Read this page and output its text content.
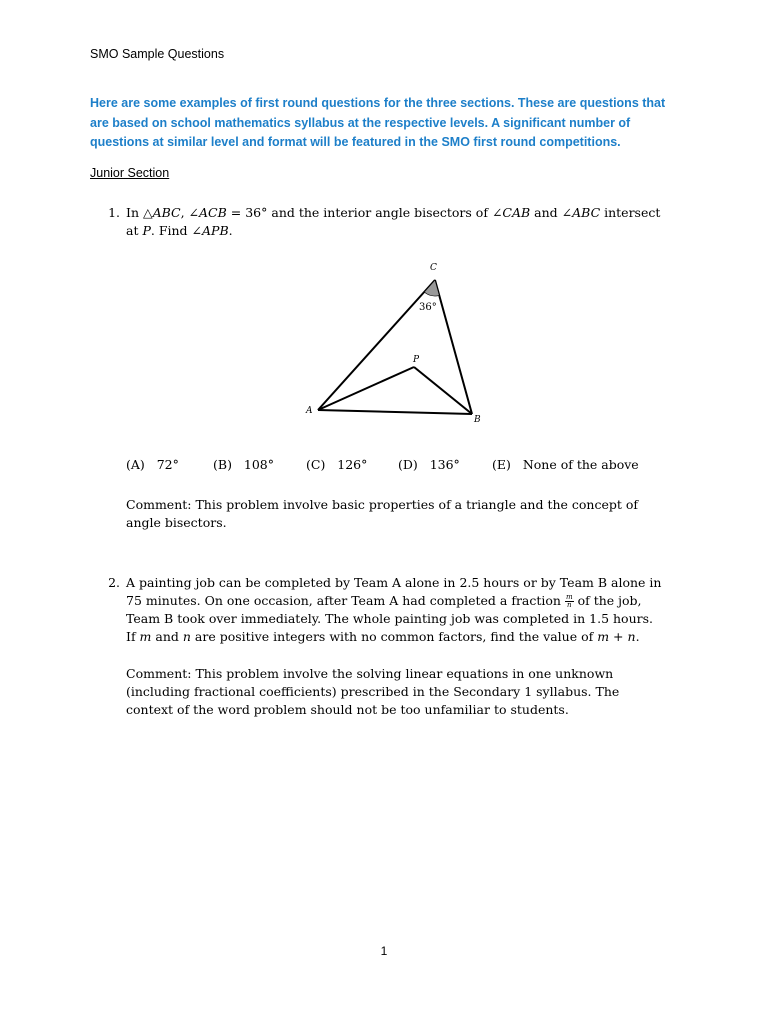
SMO Sample Questions
Here are some examples of first round questions for the three sections. These are questions that are based on school mathematics syllabus at the respective levels. A significant number of questions at similar level and format will be featured in the SMO first round competitions.
Junior Section
1. In △ABC, ∠ACB = 36° and the interior angle bisectors of ∠CAB and ∠ABC intersect at P. Find ∠APB.
C
A
B
P
36°
(A) 72°	(B) 108°	(C) 126° (D) 136°	(E) None of the above
Comment: This problem involve basic properties of a triangle and the concept of angle bisectors.
2. A painting job can be completed by Team A alone in 2.5 hours or by Team B alone in 75 minutes. On one occasion, after Team A had completed a fraction $\frac{m}{n}$ of the job, Team B took over immediately. The whole painting job was completed in 1.5 hours. If m and n are positive integers with no common factors, find the value of m + n.
Comment: This problem involve the solving linear equations in one unknown (including fractional coefficients) prescribed in the Secondary 1 syllabus. The context of the word problem should not be too unfamiliar to students.
1
